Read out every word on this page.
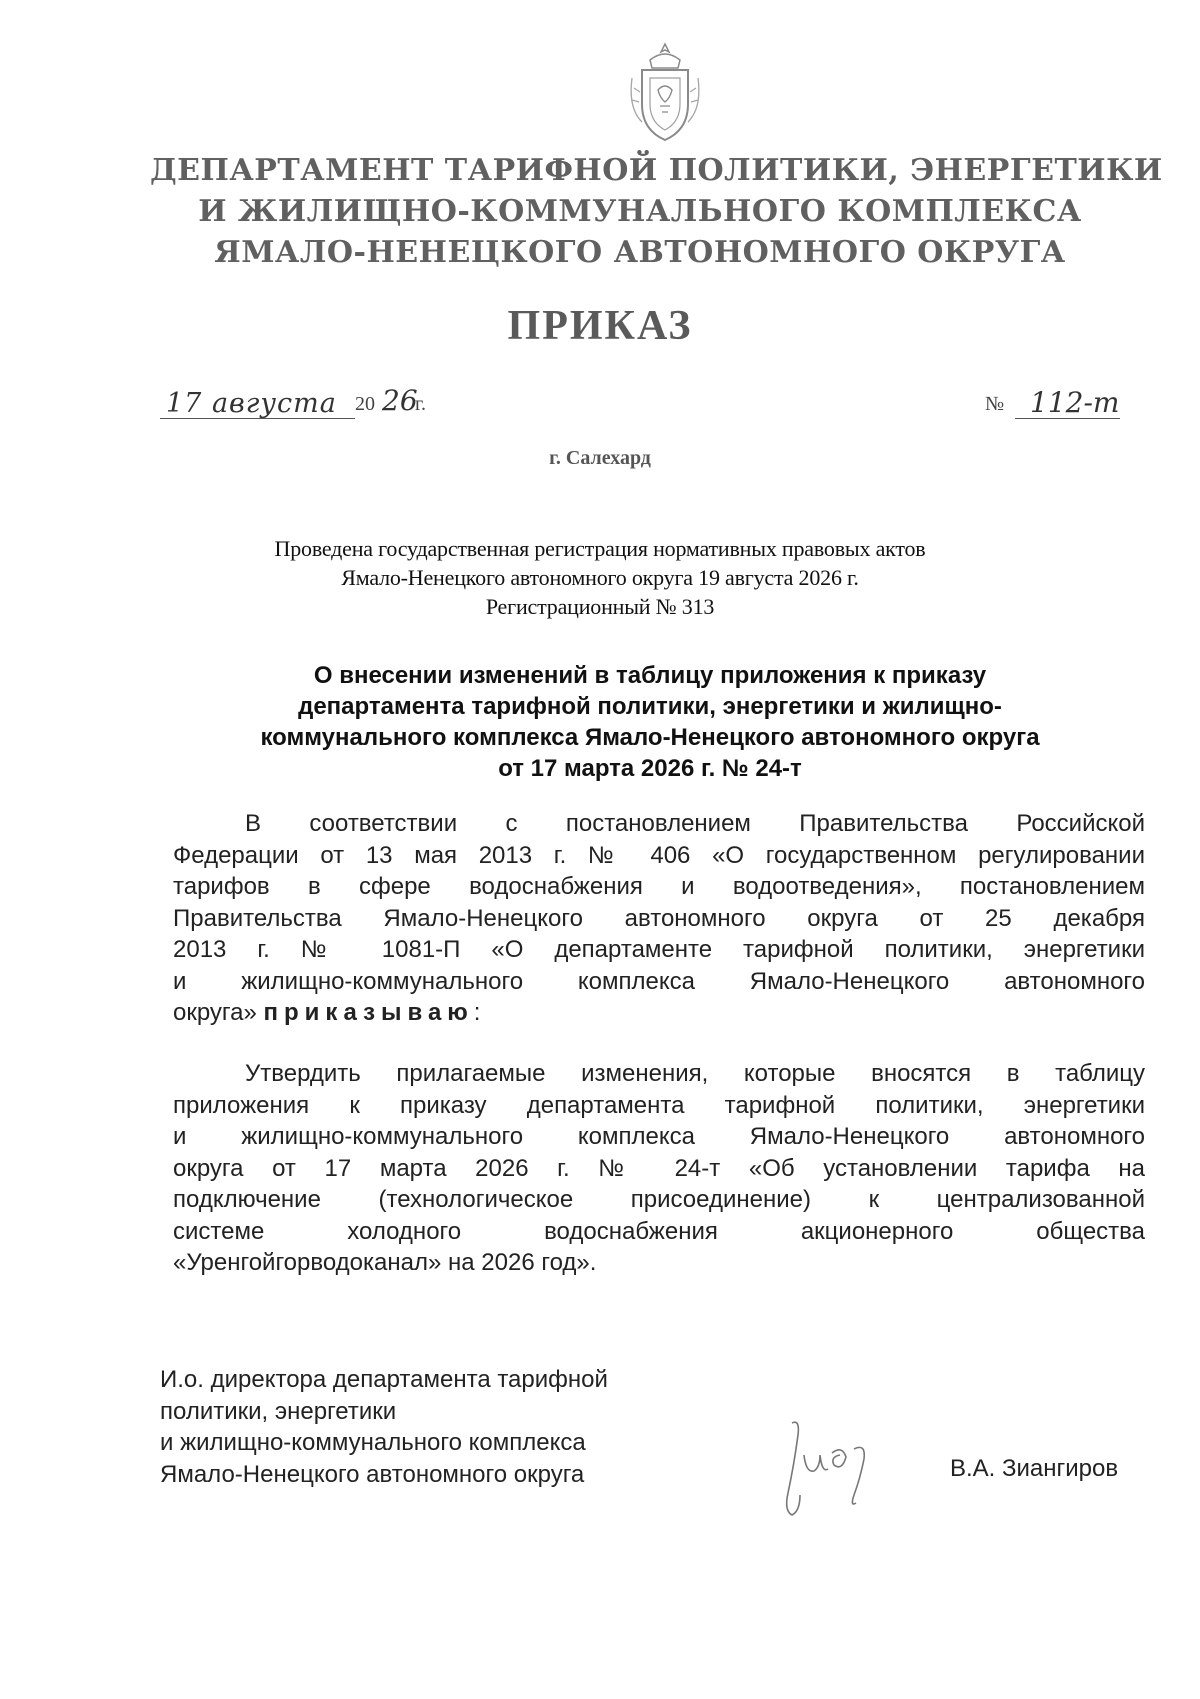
ДЕПАРТАМЕНТ ТАРИФНОЙ ПОЛИТИКИ, ЭНЕРГЕТИКИ
И ЖИЛИЩНО-КОММУНАЛЬНОГО КОМПЛЕКСА
ЯМАЛО-НЕНЕЦКОГО АВТОНОМНОГО ОКРУГА
ПРИКАЗ
17 августа 20 26
г.	№ 112-т
г. Салехард
Проведена государственная регистрация нормативных правовых актов
Ямало-Ненецкого автономного округа 19 августа 2026 г.
Регистрационный № 313
О внесении изменений в таблицу приложения к приказу
департамента тарифной политики, энергетики и жилищно-
коммунального комплекса Ямало-Ненецкого автономного округа
от 17 марта 2026 г. № 24-т
В соответствии с постановлением Правительства Российской
Федерации от 13 мая 2013 г. № 406 «О государственном регулировании
тарифов в сфере водоснабжения и водоотведения», постановлением
Правительства Ямало-Ненецкого автономного округа от 25 декабря
2013 г. № 1081-П «О департаменте тарифной политики, энергетики
и жилищно-коммунального комплекса Ямало-Ненецкого автономного
округа» приказываю:
Утвердить прилагаемые изменения, которые вносятся в таблицу
приложения к приказу департамента тарифной политики, энергетики
и жилищно-коммунального комплекса Ямало-Ненецкого автономного
округа от 17 марта 2026 г. № 24-т «Об установлении тарифа на
подключение (технологическое присоединение) к централизованной
системе холодного водоснабжения акционерного общества
«Уренгойгорводоканал» на 2026 год».
И.о. директора департамента тарифной
политики, энергетики
и жилищно-коммунального комплекса
Ямало-Ненецкого автономного округа	В.А. Зиангиров
